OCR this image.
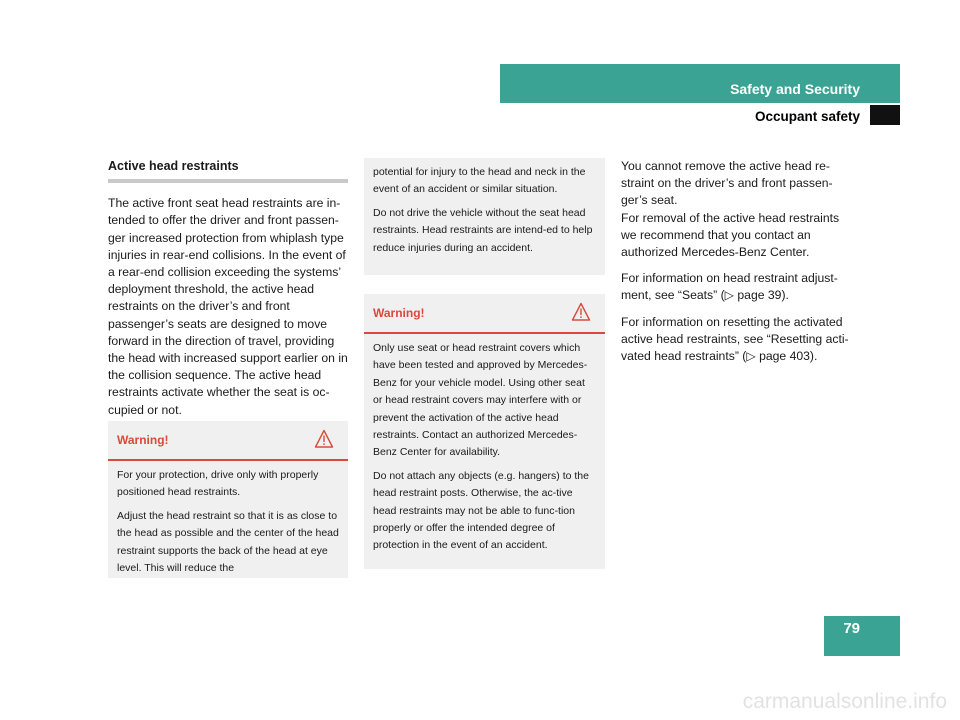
Safety and Security
Occupant safety
Active head restraints

The active front seat head restraints are in-tended to offer the driver and front passen-ger increased protection from whiplash type injuries in rear-end collisions. In the event of a rear-end collision exceeding the systems’ deployment threshold, the active head restraints on the driver’s and front passenger’s seats are designed to move forward in the direction of travel, providing the head with increased support earlier on in the collision sequence. The active head restraints activate whether the seat is oc-cupied or not.

Warning!

For your protection, drive only with properly positioned head restraints.

Adjust the head restraint so that it is as close to the head as possible and the center of the head restraint supports the back of the head at eye level. This will reduce the

potential for injury to the head and neck in the event of an accident or similar situation.

Do not drive the vehicle without the seat head restraints. Head restraints are intend-ed to help reduce injuries during an accident.

Warning!

Only use seat or head restraint covers which have been tested and approved by Mercedes-Benz for your vehicle model. Using other seat or head restraint covers may interfere with or prevent the activation of the active head restraints. Contact an authorized Mercedes-Benz Center for availability.

Do not attach any objects (e.g. hangers) to the head restraint posts. Otherwise, the ac-tive head restraints may not be able to func-tion properly or offer the intended degree of protection in the event of an accident.

You cannot remove the active head re-straint on the driver’s and front passen-ger’s seat.
For removal of the active head restraints we recommend that you contact an authorized Mercedes-Benz Center.

For information on head restraint adjust-ment, see “Seats” (▷ page 39).

For information on resetting the activated active head restraints, see “Resetting acti-vated head restraints” (▷ page 403).

79
carmanualsonline.info
